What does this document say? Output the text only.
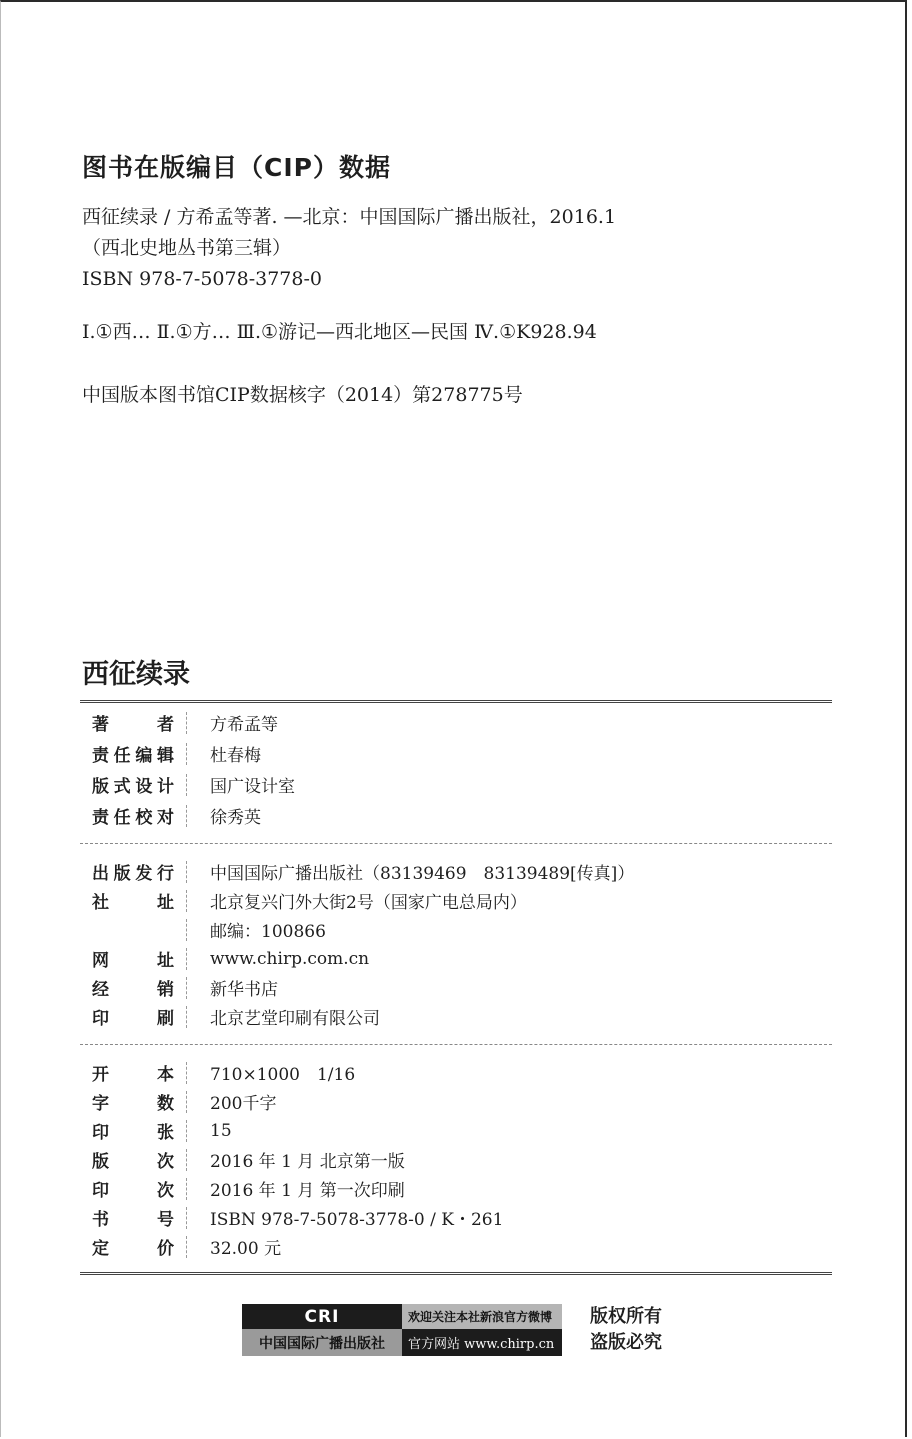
图书在版编目（CIP）数据
西征续录 / 方希孟等著. —北京：中国国际广播出版社，2016.1
（西北史地丛书第三辑）
ISBN 978-7-5078-3778-0
Ⅰ.①西… Ⅱ.①方… Ⅲ.①游记—西北地区—民国 Ⅳ.①K928.94
中国版本图书馆CIP数据核字（2014）第278775号
西征续录
著	者 方希孟等
责 任 编 辑 杜春梅
版 式 设 计 国广设计室
责 任 校 对 徐秀英
出 版 发 行 中国国际广播出版社（83139469　83139489[传真]）
社	址 北京复兴门外大街2号（国家广电总局内）
邮编：100866
网	址 www.chirp.com.cn
经	销 新华书店
印	刷 北京艺堂印刷有限公司
开	本 710×1000　1/16
字	数 200千字
印	张 15
版	次 2016 年 1 月 北京第一版
印	次 2016 年 1 月 第一次印刷
书	号 ISBN 978-7-5078-3778-0 / K・261
定	价 32.00 元
CRI
中国国际广播出版社
欢迎关注本社新浪官方微博
官方网站 www.chirp.cn
版权所有
盗版必究
